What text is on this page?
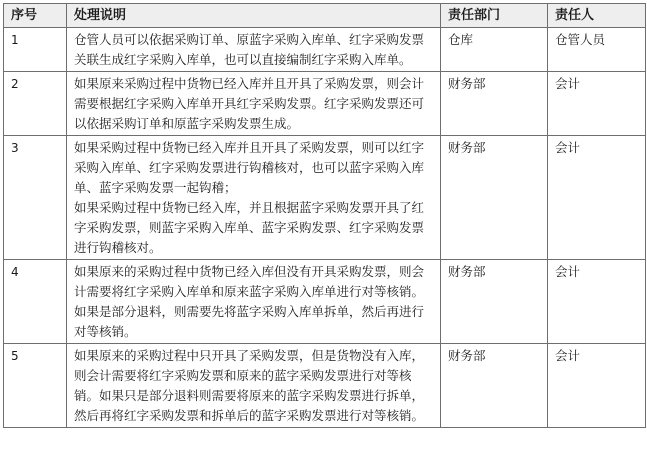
序号	处理说明	责任部门	责任人
1	仓管人员可以依据采购订单、原蓝字采购入库单、红字采购发票关联生成红字采购入库单，也可以直接编制红字采购入库单。	仓库	仓管人员
2	如果原来采购过程中货物已经入库并且开具了采购发票，则会计需要根据红字采购入库单开具红字采购发票。红字采购发票还可以依据采购订单和原蓝字采购发票生成。	财务部	会计
3	如果采购过程中货物已经入库并且开具了采购发票，则可以红字采购入库单、红字采购发票进行钩稽核对，也可以蓝字采购入库单、蓝字采购发票一起钩稽；
如果采购过程中货物已经入库，并且根据蓝字采购发票开具了红字采购发票，则蓝字采购入库单、蓝字采购发票、红字采购发票进行钩稽核对。	财务部	会计
4	如果原来的采购过程中货物已经入库但没有开具采购发票，则会计需要将红字采购入库单和原来蓝字采购入库单进行对等核销。如果是部分退料，则需要先将蓝字采购入库单拆单，然后再进行对等核销。	财务部	会计
5	如果原来的采购过程中只开具了采购发票，但是货物没有入库，则会计需要将红字采购发票和原来的蓝字采购发票进行对等核销。如果只是部分退料则需要将原来的蓝字采购发票进行拆单，然后再将红字采购发票和拆单后的蓝字采购发票进行对等核销。	财务部	会计
